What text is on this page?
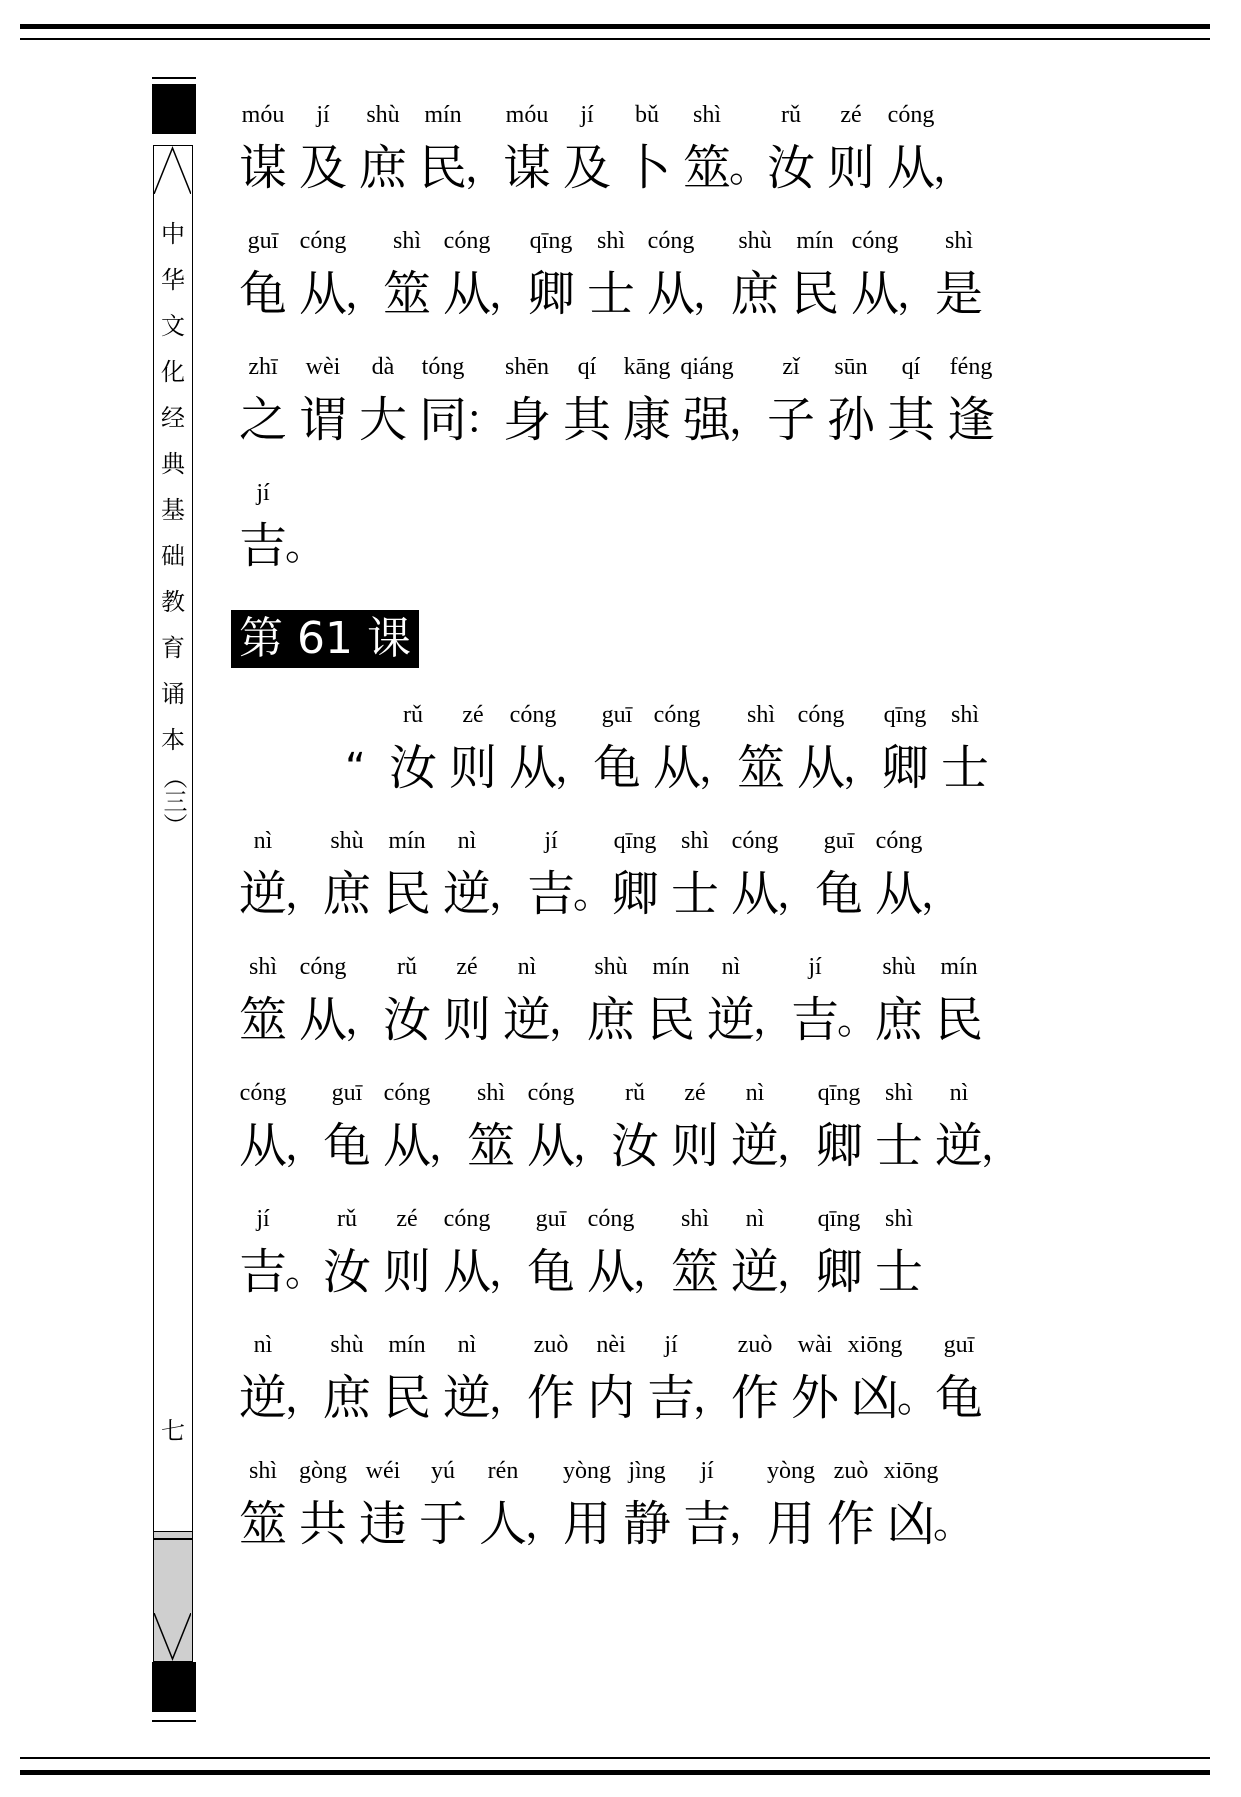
中
华
文
化
经
典
基
础
教
育
诵
本
（三）
七
第 61 课
谋 及 庶 民
，
谋 及 卜 筮
。
汝 则 从
，
móu jí shù mín móu jí bǔ shì rǔ zé cóng
龟 从
，
筮 从
，
卿 士 从
，
庶 民 从
，
是
guī cóng shì cóng qīng shì cóng shù mín cóng shì
之 谓 大 同
：
身 其 康 强
，
子 孙 其 逢
zhī wèi dà tóng shēn qí kāng qiáng zǐ sūn qí féng
吉
。
jí
“ 汝 则 从
，
龟 从
，
筮 从
，
卿 士
rǔ zé cóng guī cóng shì cóng qīng shì
逆
，
庶 民 逆
，
吉
。
卿 士 从
，
龟 从
，
nì shù mín nì	jí qīng shì cóng guī cóng
筮 从
，
汝 则 逆
，
庶 民 逆
，
吉
。
庶 民
shì cóng rǔ zé nì shù mín nì	jí	shù mín
从
，
龟 从
，
筮 从
，
汝 则 逆
，
卿 士 逆
，
cóng guī cóng shì cóng rǔ zé nì qīng shì nì
吉
。
汝 则 从
，
龟 从
，
筮 逆
，
卿 士
jí	rǔ zé cóng guī cóng shì nì qīng shì
逆
，
庶 民 逆
，
作 内 吉
，
作 外 凶
。
龟
nì shù mín nì zuò nèi jí	zuò wài xiōng guī
筮 共 违 于 人
，
用 静 吉
，
用 作 凶
。
shì gòng wéi yú rén yòng jìng jí yòng zuò xiōng
